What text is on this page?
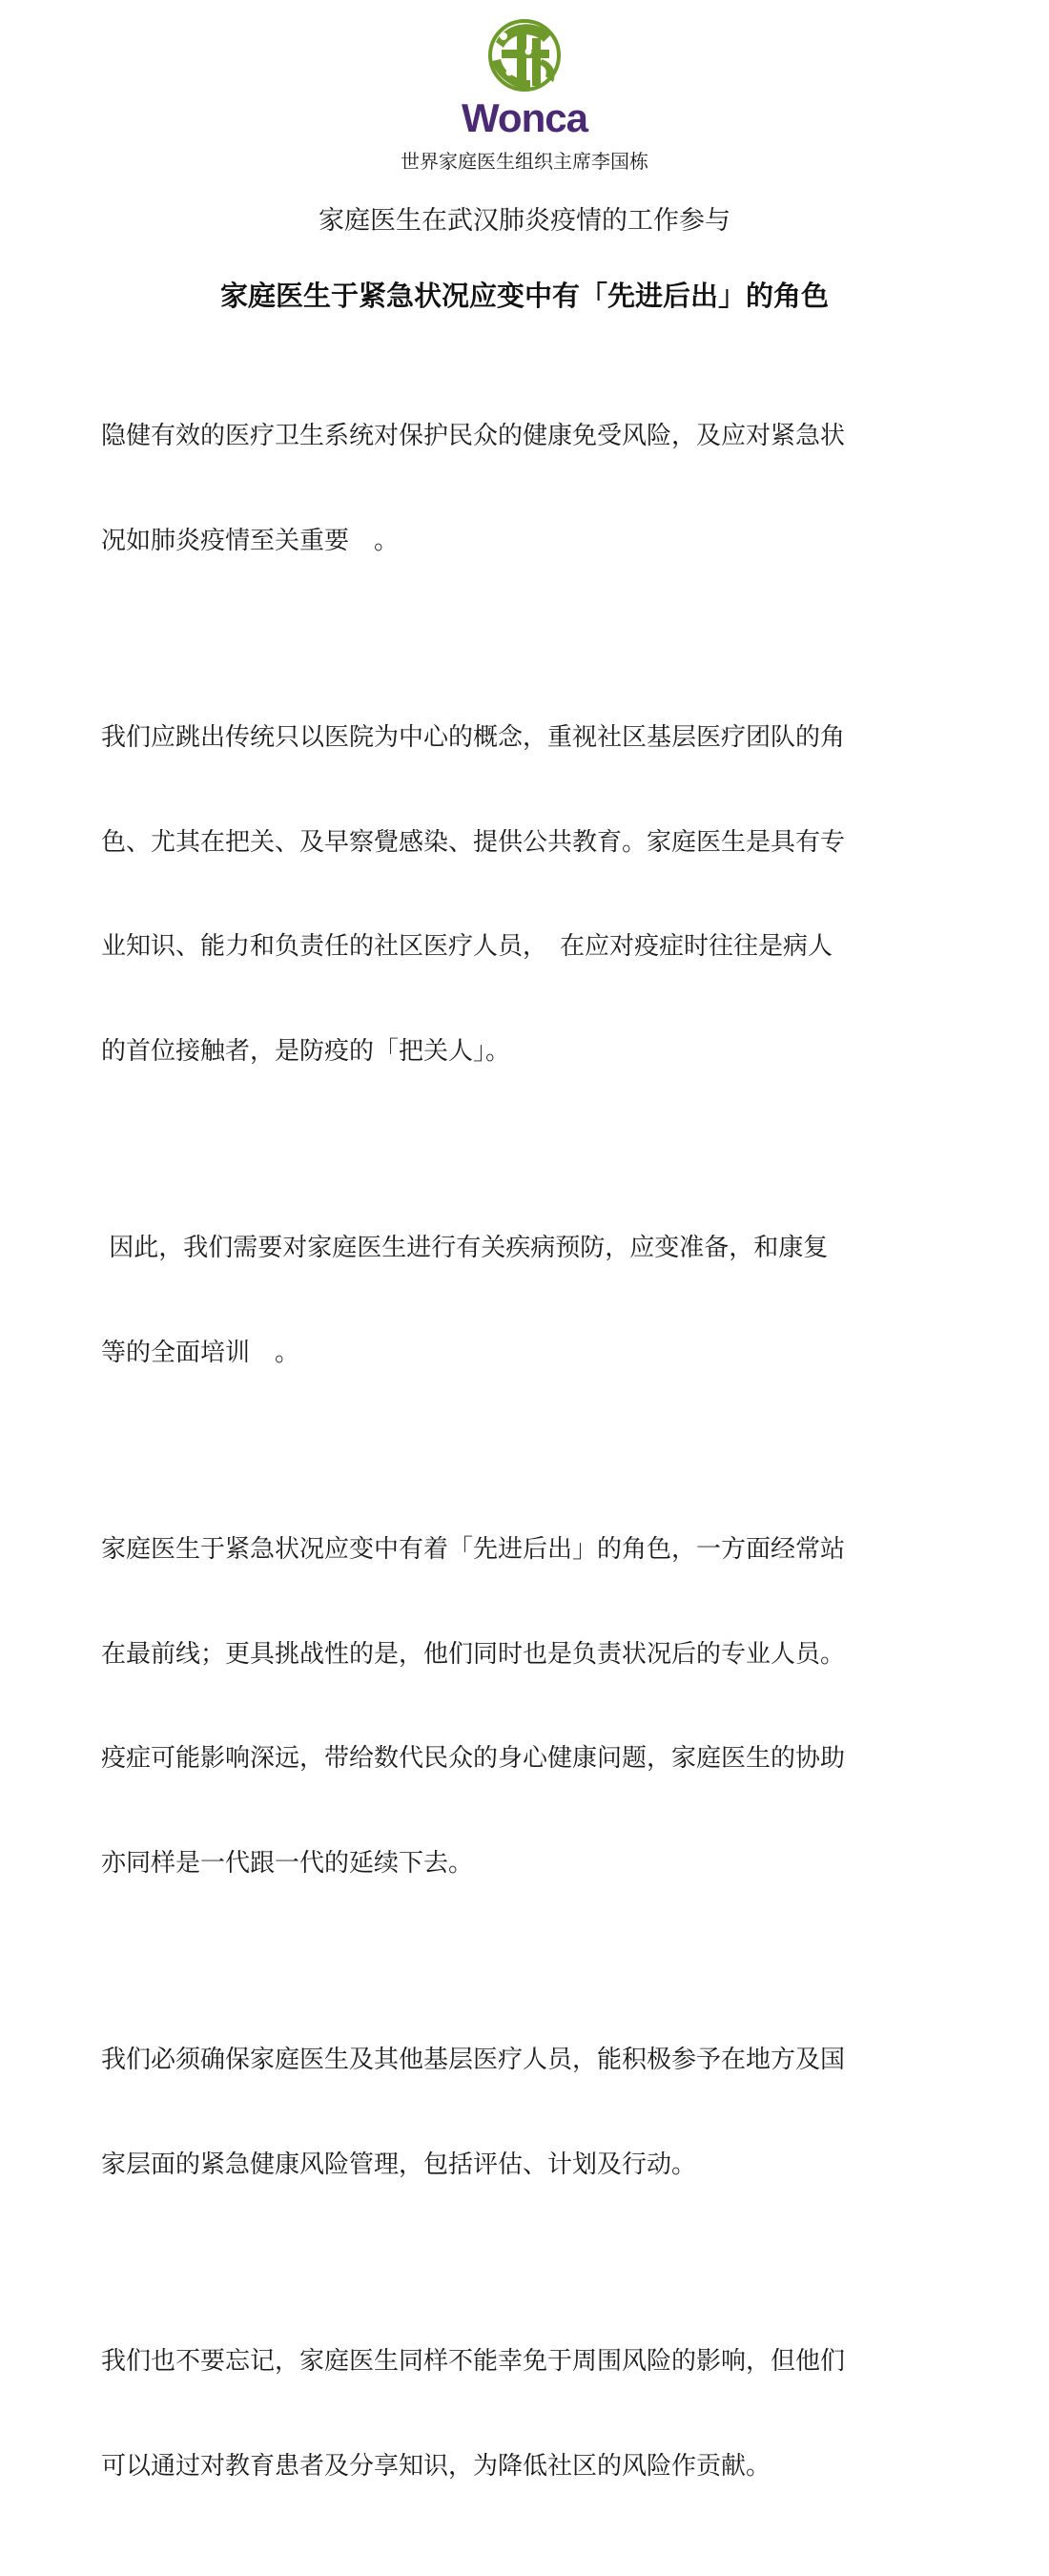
Wonca
世界家庭医生组织主席李国栋
家庭医生在武汉肺炎疫情的工作参与
家庭医生于紧急状况应变中有「先进后出」的角色

隐健有效的医疗卫生系统对保护民众的健康免受风险，及应对紧急状

况如肺炎疫情至关重要　。

我们应跳出传统只以医院为中心的概念，重视社区基层医疗团队的角

色、尤其在把关、及早察覺感染、提供公共教育。家庭医生是具有专

业知识、能力和负责任的社区医疗人员，　在应对疫症时往往是病人

的首位接触者，是防疫的「把关人」。

因此，我们需要对家庭医生进行有关疾病预防，应变准备，和康复

等的全面培训　。

家庭医生于紧急状况应变中有着「先进后出」的角色，一方面经常站

在最前线；更具挑战性的是，他们同时也是负责状况后的专业人员。

疫症可能影响深远，带给数代民众的身心健康问题，家庭医生的协助

亦同样是一代跟一代的延续下去。

我们必须确保家庭医生及其他基层医疗人员，能积极参予在地方及国

家层面的紧急健康风险管理，包括评估、计划及行动。

我们也不要忘记，家庭医生同样不能幸免于周围风险的影响，但他们

可以通过对教育患者及分享知识，为降低社区的风险作贡献。
